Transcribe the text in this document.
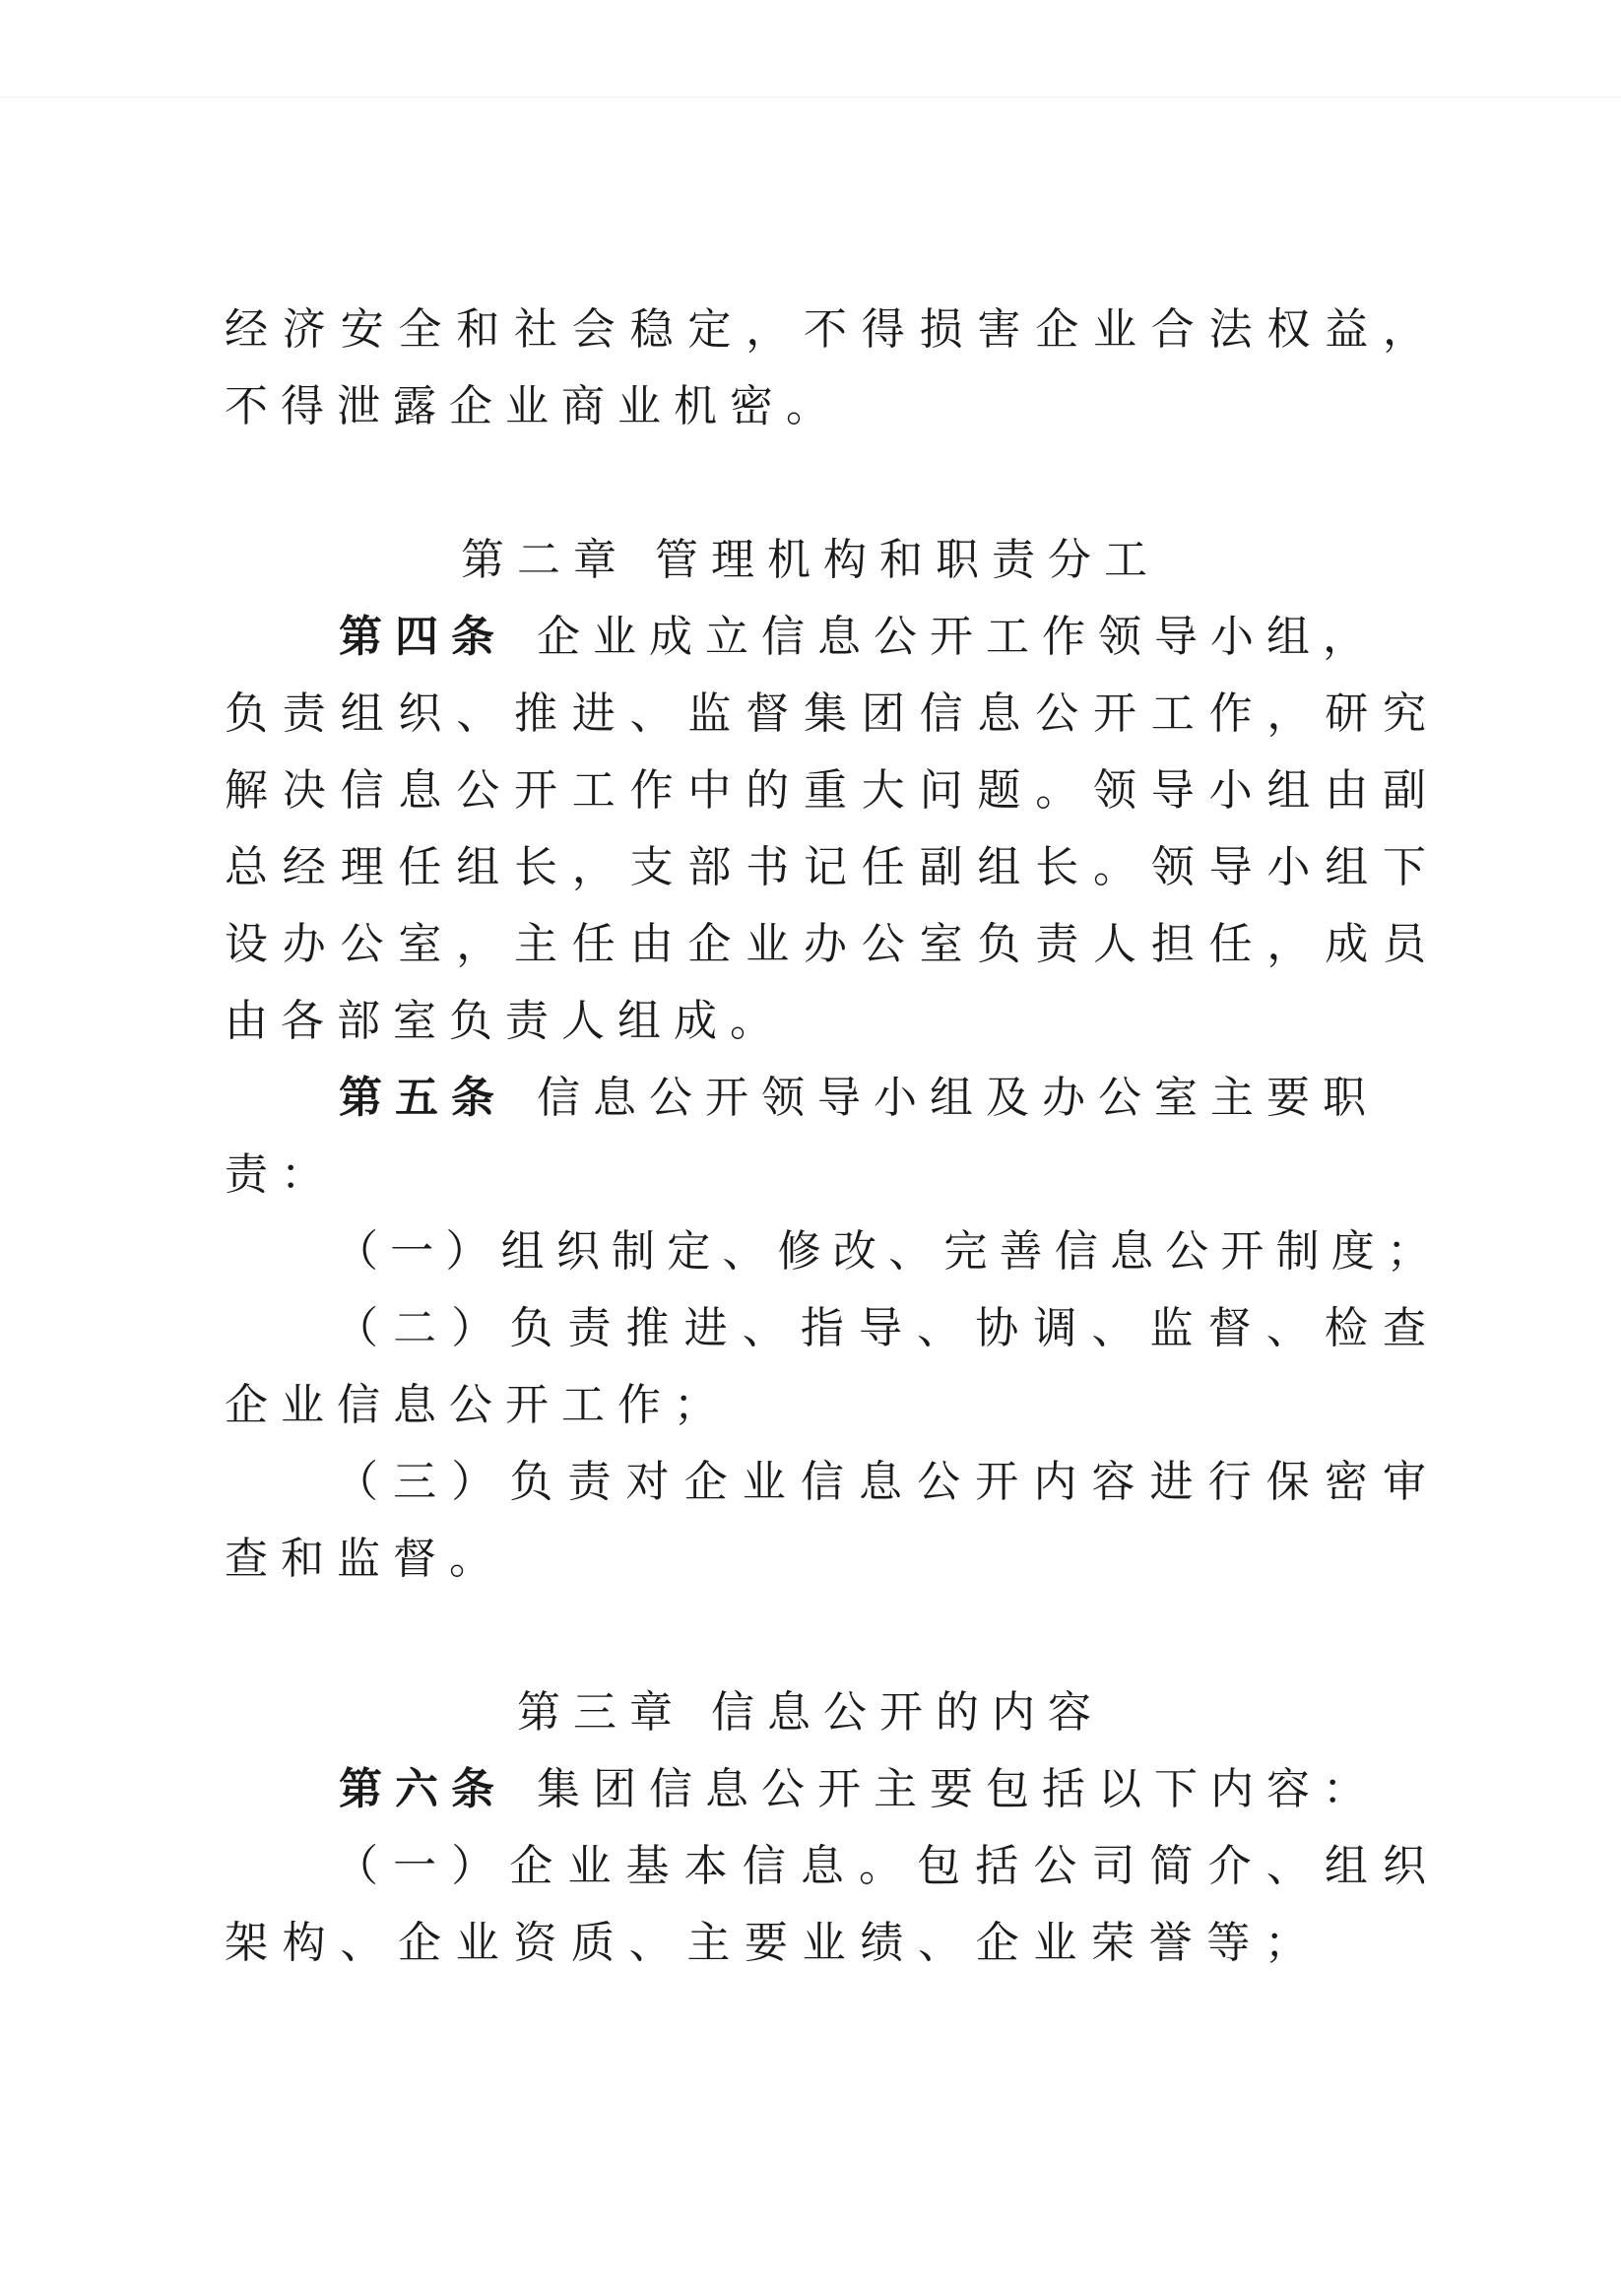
经济安全和社会稳定，不得损害企业合法权益，
不得泄露企业商业机密。
第二章 管理机构和职责分工
第四条 企业成立信息公开工作领导小组，
负责组织、推进、监督集团信息公开工作，研究
解决信息公开工作中的重大问题。领导小组由副
总经理任组长，支部书记任副组长。领导小组下
设办公室，主任由企业办公室负责人担任，成员
由各部室负责人组成。
第五条 信息公开领导小组及办公室主要职
责：
（一）组织制定、修改、完善信息公开制度；
（二）负责推进、指导、协调、监督、检查
企业信息公开工作；
（三）负责对企业信息公开内容进行保密审
查和监督。
第三章 信息公开的内容
第六条 集团信息公开主要包括以下内容：
（一）企业基本信息。包括公司简介、组织
架构、企业资质、主要业绩、企业荣誉等；
